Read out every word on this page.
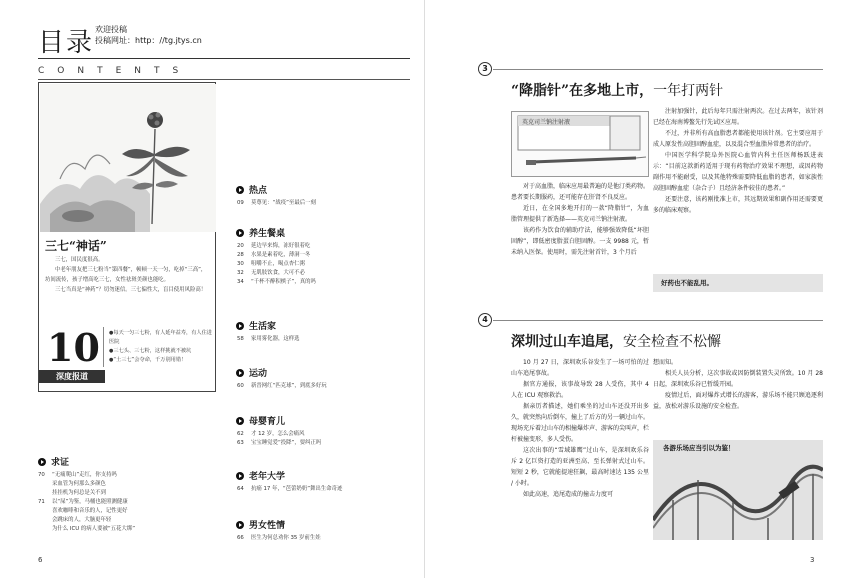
目录 欢迎投稿
投稿网址：http：//tg.jtys.cn
CONTENTS
三七“神话”

三七，国民度很高。

中老年朋友把三七粉当“第四餐”，顿顿一天一匀，吃掉“三高”，坊间流传，孩子增高吃三七，女性祛斑美颜也能吃。

三七当真是“神药”？切勿迷信。三七偏性大，盲目使用风险高！

10
●	每天一匀三七粉，有人延年益寿，有人住进医院
● 三七头、三七粉，这样挑就不被坑
● “土三七”会夺命，千万别用错！
深度报道
热点
09 莫尊见：“战疫”至最后一刻
养生餐桌
20 延边早来悔，冻好很着吃
28 水果是素着吃，薄洞一冬
30 咀嚼不止，喝点杏仁粥
32 无肌肢饮食，大可不必
34 “千杯不醉积槟子”，真的吗
生活家
58 家用雾化器，这样选
运动
60 新晋网红“匹克球”，到底多好玩
母婴育儿
62 才 12 岁，怎么会痛风
63 宝宝睡觉爱“投降”，要纠正吗
老年大学
64 抗癌 17 年，“芭蕾奶奶”舞出生命奇迹
男女性情
66 医生为何总劝你 35 岁前生娃
求证
70 “无痛爬山”走红，你支持吗
采血管为何那么多颜色
挂挂机为何总是关不到
71 以“屎”为鉴，马桶也能照测健康
喜欢咖啡和音乐的人，记性更好
会跳床的人，大脑更年轻
为什么 ICU 的病人要被“五花大绑”
6
3
“降脂针”在多地上市，一年打两针
英克司兰钠注射液

对于高血脂，临床应用最普遍的是他汀类药物。患者要长期服药，还可能存在肝肾不良反应。

近日，在全国多地开打的一款“降脂针”，为血脂管理提供了新选择——英克司兰钠注射液。

该药作为饮食的辅助疗法，能够强效降低“坏胆固醇”，即低密度脂蛋白胆固醇。一支 9988 元，暂未纳入医保。使用时，需先注射首针，3 个月后

注射加强针，此后每年只需注射两次。在过去两年，该针剂已经在海南博鳌先行先试区应用。

不过，并非所有高血脂患者都能使用该针剂。它主要应用于成人原发性高胆固醇血症，以及混合型血脂异常患者的治疗。

中国医学科学院阜外医院心血管内科主任医师杨跃进表示：“目前这款新药适用于现有药物治疗效果不理想，或因药物副作用不能耐受，以及其他特殊需要降低血脂的患者，如家族性高胆固醇血症（杂合子）且经济条件较佳的患者。”

还要注意，该药刚批准上市，其远期效果和副作用还需要更多的临床观察。

好药也不能乱用。
4
深圳过山车追尾，安全检查不松懈

10 月 27 日，深圳欢乐谷发生了一场可怕的过山车追尾事故。

据官方通报，该事故导致 28 人受伤，其中 4 人在 ICU 观察救治。

据亲历者描述，她们乘坐的过山车还没开出多久，就突然向后倒车，撞上了后方的另一辆过山车。现场充斥着过山车的相撞爆炸声、游客的尖叫声，栏杆被撞变形，多人受伤。

这次出事的“雪域雄鹰”过山车，是深圳欢乐谷斥 2 亿巨资打造的亚洲至高、至长弹射式过山车。短短 2 秒，它就能提速狂飙，最高时速达 135 公里 / 小时。

如此高速，追尾造成的撞击力度可

想而知。

相关人员分析，这次事故或因防倒装置失灵所致。10 月 28 日起，深圳欢乐谷已暂缓开园。

疫情过后，面对爆炸式增长的游客，游乐场不能只顾追逐利益，放松对游乐设施的安全检查。

各游乐场应当引以为鉴！
3
